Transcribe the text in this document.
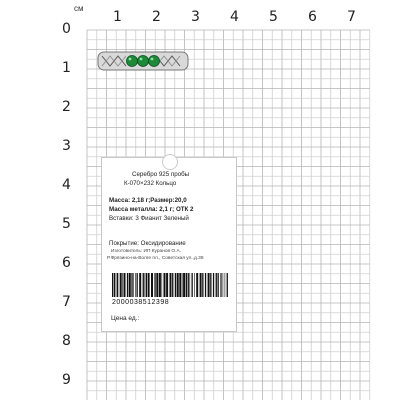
см
1 2 3 4 5 6 7
0
1
2
3
4
5
6
7
8
9
Серебро 925 пробы
К-070×232 Кольцо
Масса: 2,18 г;Размер:20,0
Масса металла: 2,1 г; ОТК 2
Вставки: 3 Фианит Зеленый
Покрытие: Оксидирование
Изготовитель: ИП Куранов О.А.
Р.Фрязино-на-Волге пл., Советская ул.,д.38
2000038512398
Цена ед.:
